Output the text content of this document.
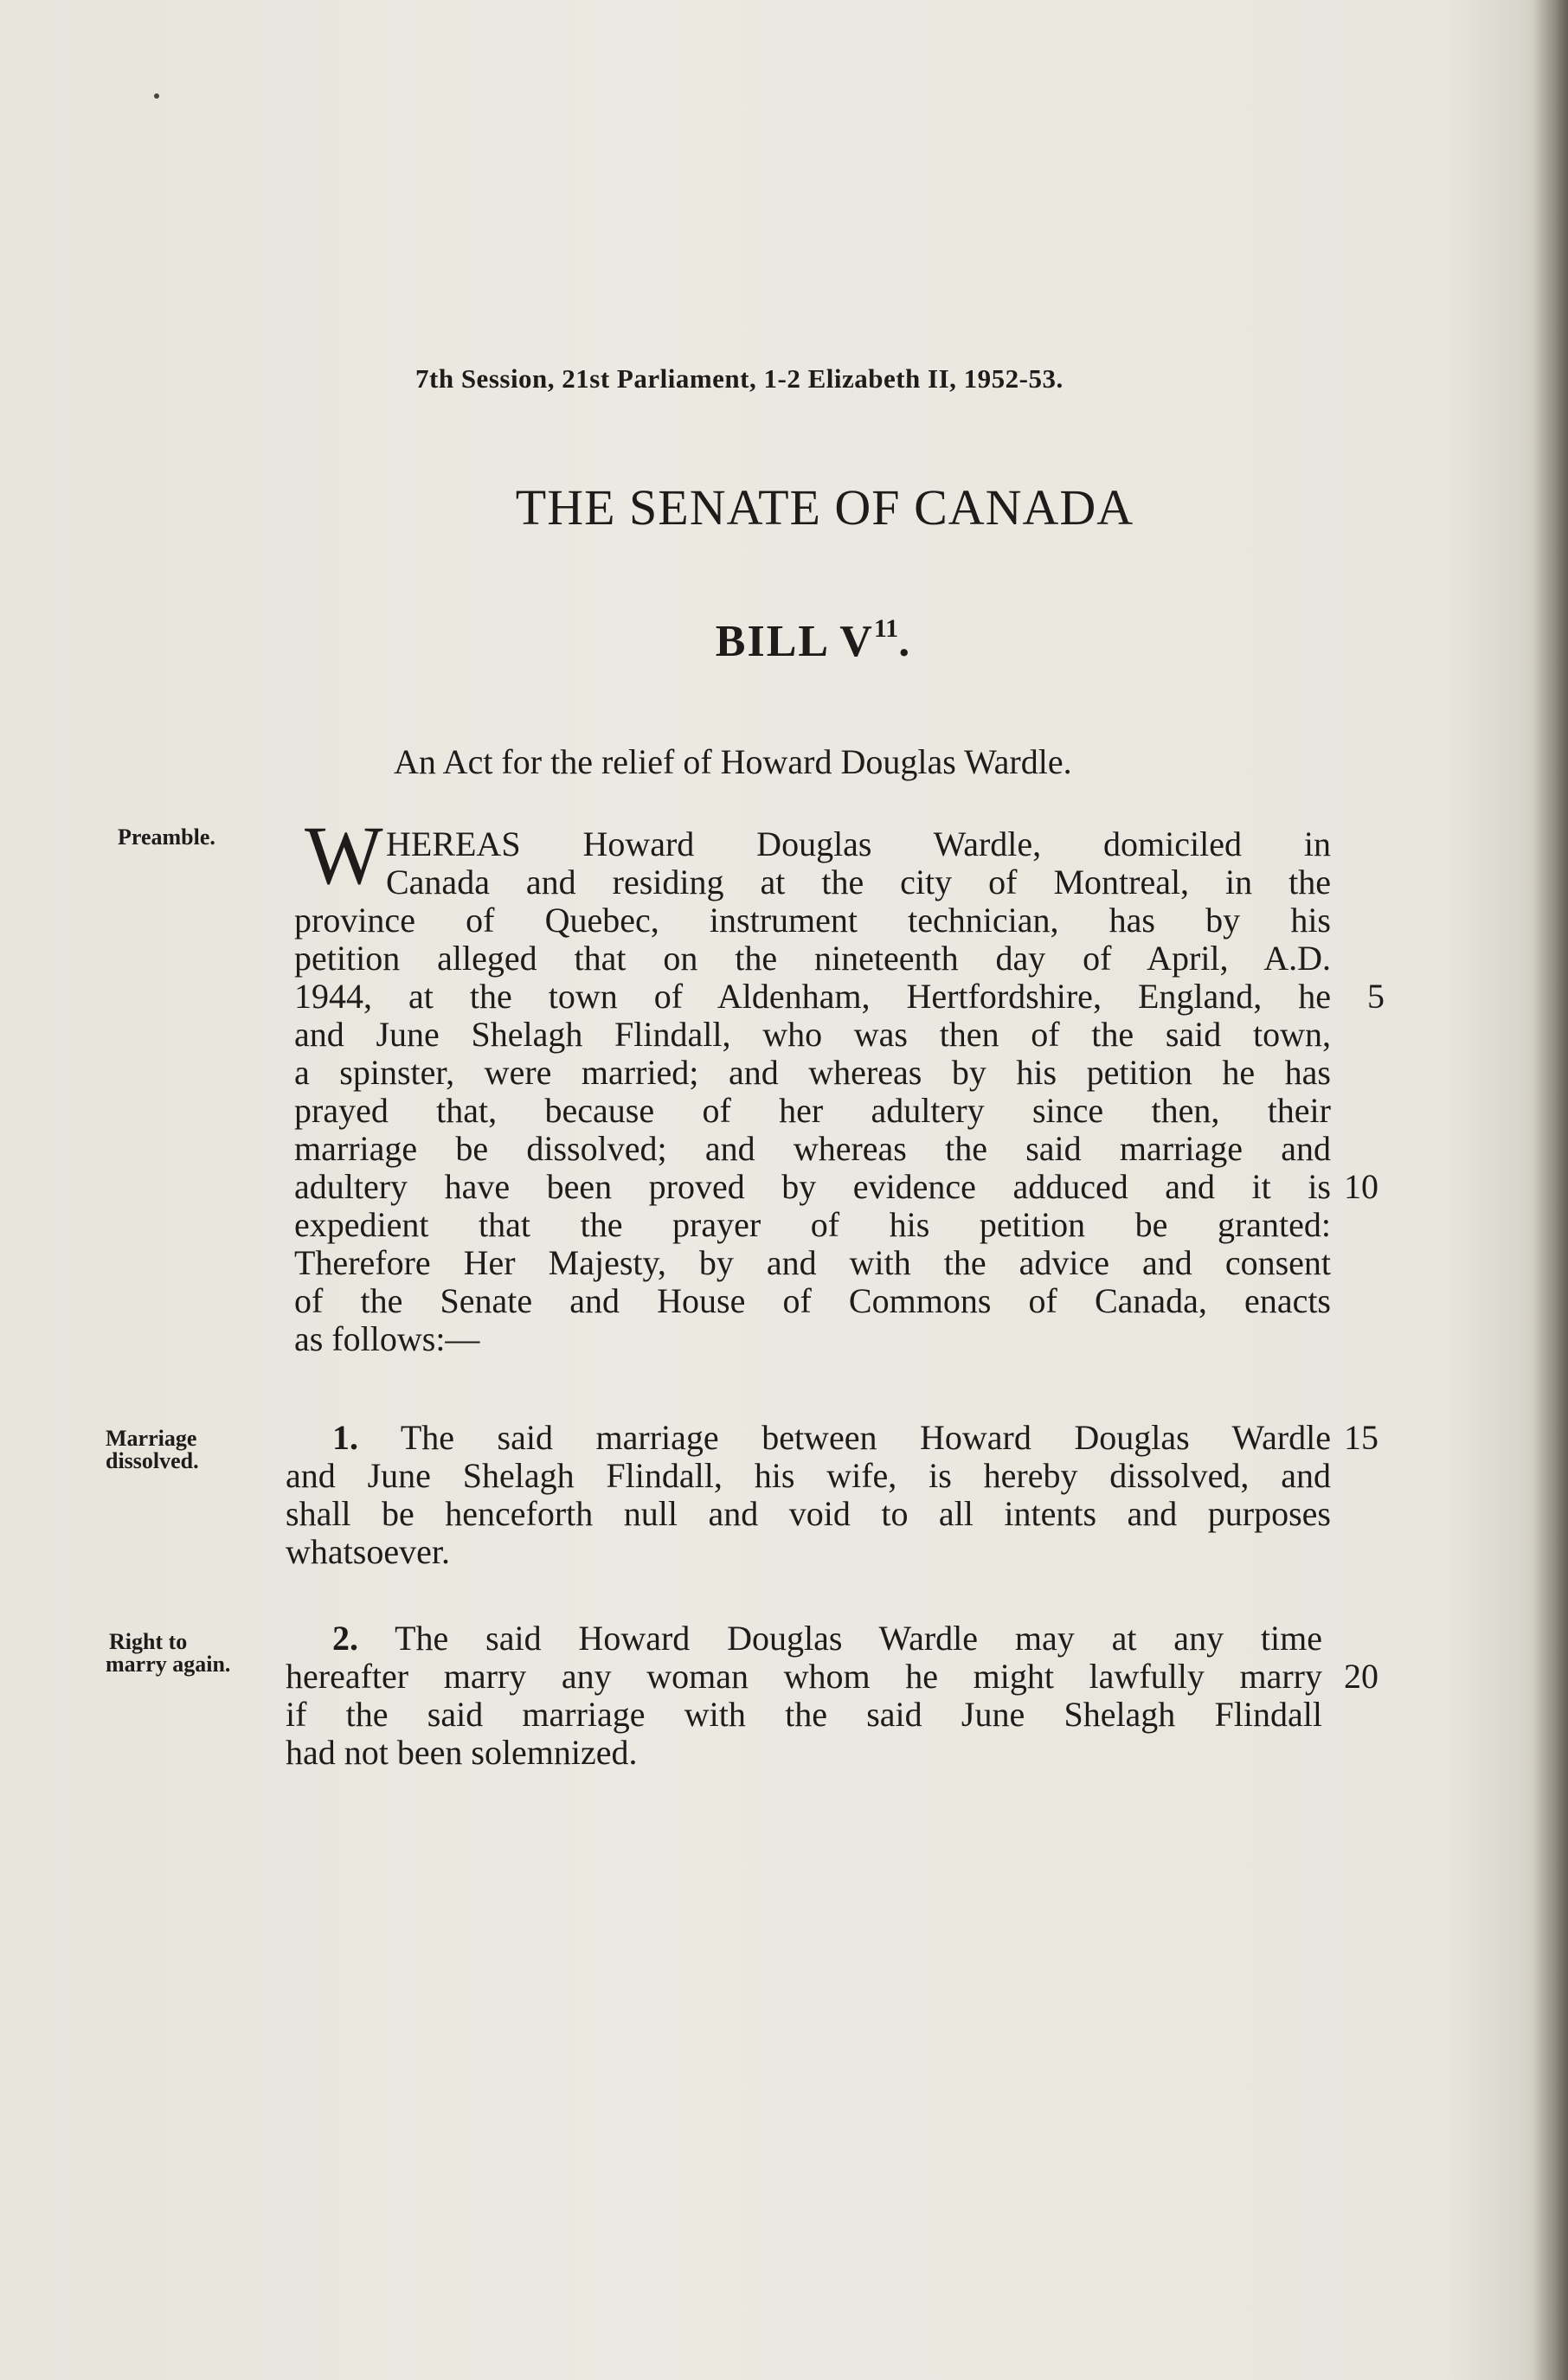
7th Session, 21st Parliament, 1-2 Elizabeth II, 1952-53.
THE SENATE OF CANADA
BILL $V^{11}$.
An Act for the relief of Howard Douglas Wardle.
Preamble.
Marriage
dissolved.
Right to
marry again.
W HEREAS Howard Douglas Wardle, domiciled in
Canada and residing at the city of Montreal, in the
province of Quebec, instrument technician, has by his
petition alleged that on the nineteenth day of April, A.D.
1944, at the town of Aldenham, Hertfordshire, England, he
and June Shelagh Flindall, who was then of the said town,
a spinster, were married; and whereas by his petition he has
prayed that, because of her adultery since then, their
marriage be dissolved; and whereas the said marriage and
adultery have been proved by evidence adduced and it is
expedient that the prayer of his petition be granted:
Therefore Her Majesty, by and with the advice and consent
of the Senate and House of Commons of Canada, enacts
as follows:—
1. The said marriage between Howard Douglas Wardle
and June Shelagh Flindall, his wife, is hereby dissolved, and
shall be henceforth null and void to all intents and purposes
whatsoever.
2. The said Howard Douglas Wardle may at any time
hereafter marry any woman whom he might lawfully marry
if the said marriage with the said June Shelagh Flindall
had not been solemnized.
5
10
15
20
